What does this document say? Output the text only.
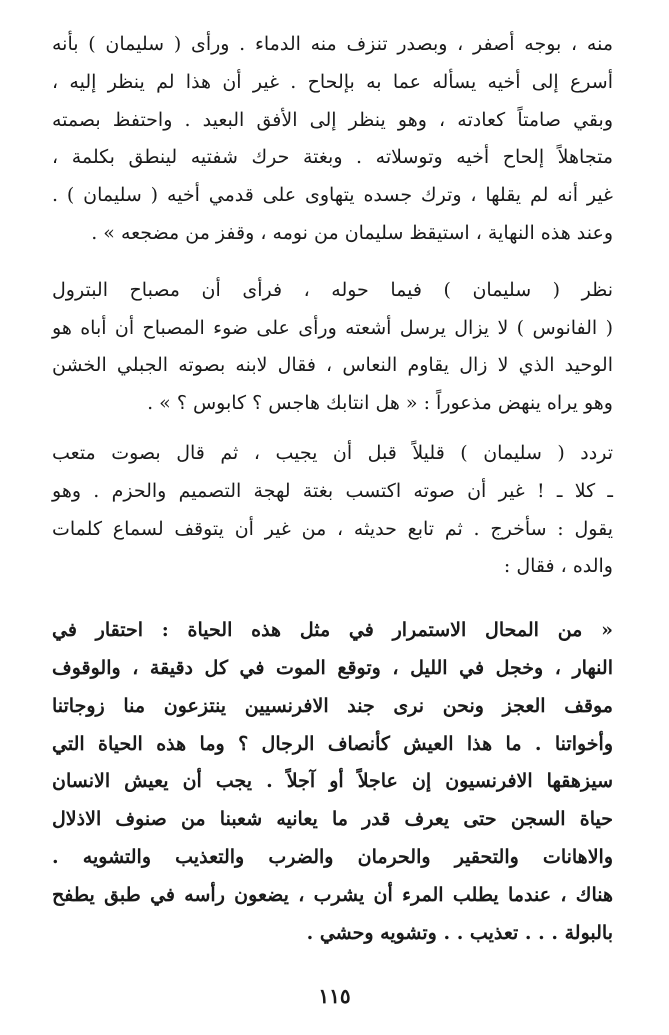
منه ، بوجه أصفر ، وبصدر تنزف منه الدماء . ورأى ( سليمان ) بأنه
أسرع إلى أخيه يسأله عما به بإلحاح . غير أن هذا لم ينظر إليه ،
وبقي صامتاً كعادته ، وهو ينظر إلى الأفق البعيد . واحتفظ بصمته
متجاهلاً إلحاح أخيه وتوسلاته . وبغتة حرك شفتيه لينطق بكلمة ،
غير أنه لم يقلها ، وترك جسده يتهاوى على قدمي أخيه ( سليمان ) .
وعند هذه النهاية ، استيقظ سليمان من نومه ، وقفز من مضجعه » .
نظر ( سليمان ) فيما حوله ، فرأى أن مصباح البترول
( الفانوس ) لا يزال يرسل أشعته ورأى على ضوء المصباح أن أباه هو
الوحيد الذي لا زال يقاوم النعاس ، فقال لابنه بصوته الجبلي الخشن
وهو يراه ينهض مذعوراً : « هل انتابك هاجس ؟ كابوس ؟ » .
تردد ( سليمان ) قليلاً قبل أن يجيب ، ثم قال بصوت متعب
ـ كلا ـ ! غير أن صوته اكتسب بغتة لهجة التصميم والحزم . وهو
يقول : سأخرج . ثم تابع حديثه ، من غير أن يتوقف لسماع كلمات
والده ، فقال :
« من المحال الاستمرار في مثل هذه الحياة : احتقار في
النهار ، وخجل في الليل ، وتوقع الموت في كل دقيقة ، والوقوف
موقف العجز ونحن نرى جند الافرنسيين ينتزعون منا زوجاتنا
وأخواتنا . ما هذا العيش كأنصاف الرجال ؟ وما هذه الحياة التي
سيزهقها الافرنسيون إن عاجلاً أو آجلاً . يجب أن يعيش الانسان
حياة السجن حتى يعرف قدر ما يعانيه شعبنا من صنوف الاذلال
والاهانات والتحقير والحرمان والضرب والتعذيب والتشويه .
هناك ، عندما يطلب المرء أن يشرب ، يضعون رأسه في طبق يطفح
بالبولة . . . تعذيب . . وتشويه وحشي .
١١٥
